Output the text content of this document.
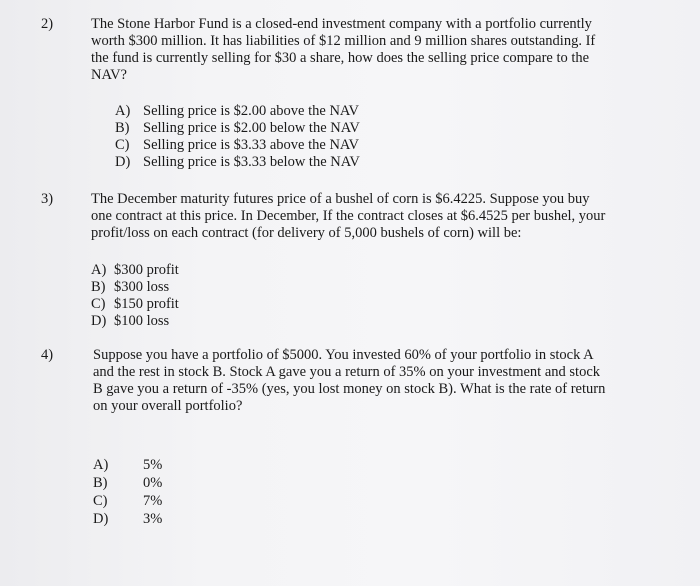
2)	The Stone Harbor Fund is a closed-end investment company with a portfolio currently
worth $300 million. It has liabilities of $12 million and 9 million shares outstanding. If
the fund is currently selling for $30 a share, how does the selling price compare to the
NAV?
A) Selling price is $2.00 above the NAV
B) Selling price is $2.00 below the NAV
C) Selling price is $3.33 above the NAV
D) Selling price is $3.33 below the NAV
3)	The December maturity futures price of a bushel of corn is $6.4225. Suppose you buy
one contract at this price. In December, If the contract closes at $6.4525 per bushel, your
profit/loss on each contract (for delivery of 5,000 bushels of corn) will be:
A) $300 profit
B) $300 loss
C) $150 profit
D) $100 loss
4)	Suppose you have a portfolio of $5000. You invested 60% of your portfolio in stock A
and the rest in stock B. Stock A gave you a return of 35% on your investment and stock
B gave you a return of -35% (yes, you lost money on stock B). What is the rate of return
on your overall portfolio?
A) 5%
B) 0%
C) 7%
D) 3%
